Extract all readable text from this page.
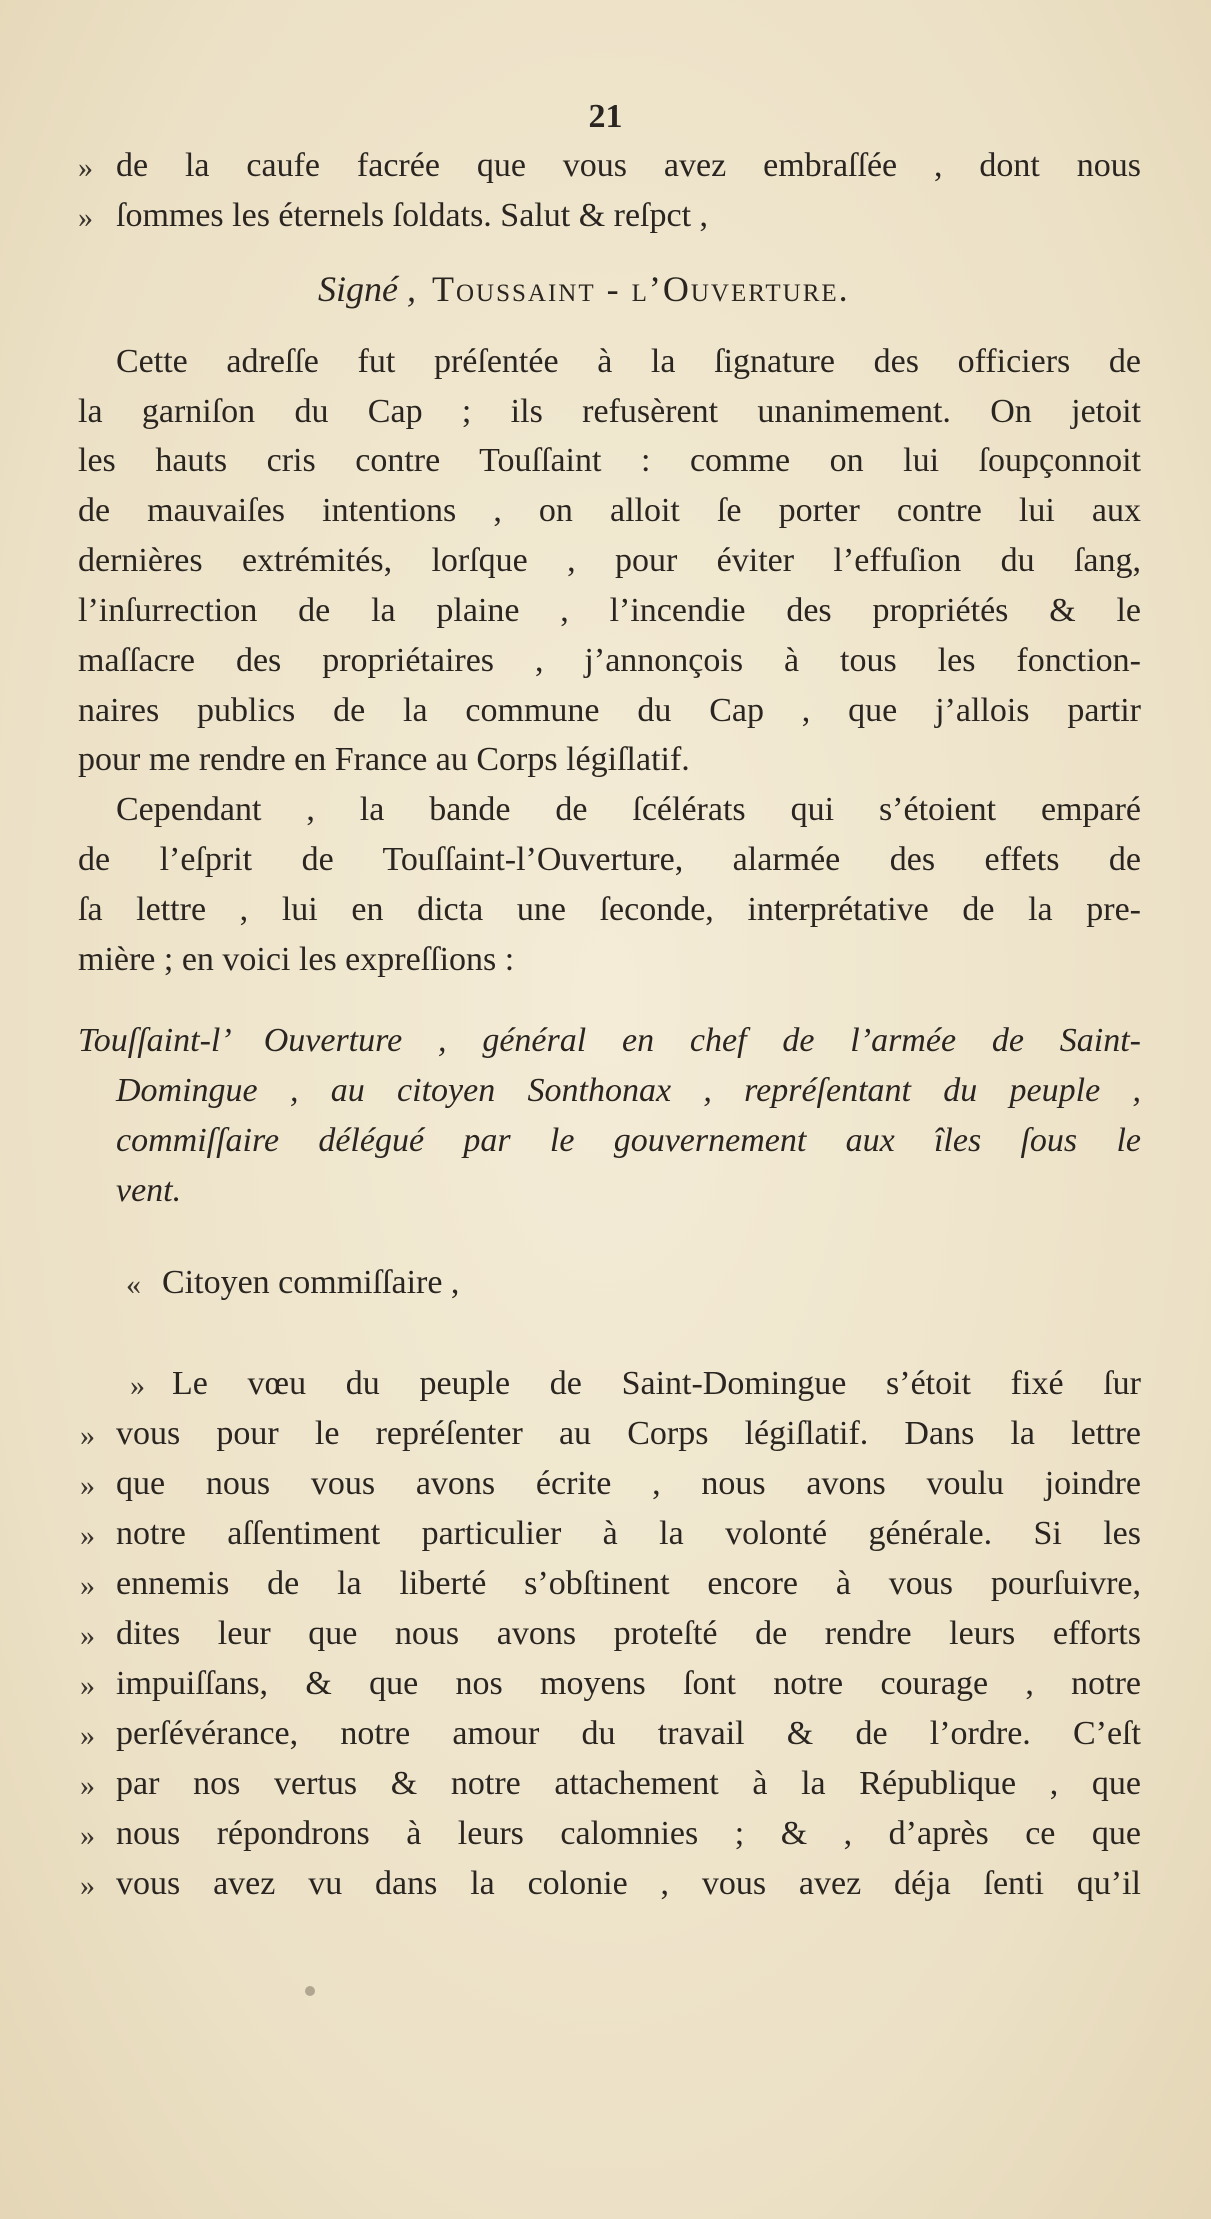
21
» de la caufe facrée que vous avez embraſſée , dont nous
» ſommes les éternels ſoldats. Salut & reſpct ,
Signé , Toussaint - l’Ouverture.
Cette adreſſe fut préſentée à la ſignature des officiers de
la garniſon du Cap ; ils refusèrent unanimement. On jetoit
les hauts cris contre Touſſaint : comme on lui ſoupçonnoit
de mauvaiſes intentions , on alloit ſe porter contre lui aux
dernières extrémités, lorſque , pour éviter l’effuſion du ſang,
l’inſurrection de la plaine , l’incendie des propriétés & le
maſſacre des propriétaires , j’annonçois à tous les fonction-
naires publics de la commune du Cap , que j’allois partir
pour me rendre en France au Corps légiſlatif.
Cependant , la bande de ſcélérats qui s’étoient emparé
de l’eſprit de Touſſaint-l’Ouverture, alarmée des effets de
ſa lettre , lui en dicta une ſeconde, interprétative de la pre-
mière ; en voici les expreſſions :
Touſſaint-l’ Ouverture , général en chef de l’armée de Saint-
Domingue , au citoyen Sonthonax , repréſentant du peuple ,
commiſſaire délégué par le gouvernement aux îles ſous le
vent.
« Citoyen commiſſaire ,
» Le vœu du peuple de Saint-Domingue s’étoit fixé ſur
» vous pour le repréſenter au Corps légiſlatif. Dans la lettre
» que nous vous avons écrite , nous avons voulu joindre
» notre aſſentiment particulier à la volonté générale. Si les
» ennemis de la liberté s’obſtinent encore à vous pourſuivre,
» dites leur que nous avons proteſté de rendre leurs efforts
» impuiſſans, & que nos moyens ſont notre courage , notre
» perſévérance, notre amour du travail & de l’ordre. C’eſt
» par nos vertus & notre attachement à la République , que
» nous répondrons à leurs calomnies ; & , d’après ce que
» vous avez vu dans la colonie , vous avez déja ſenti qu’il
